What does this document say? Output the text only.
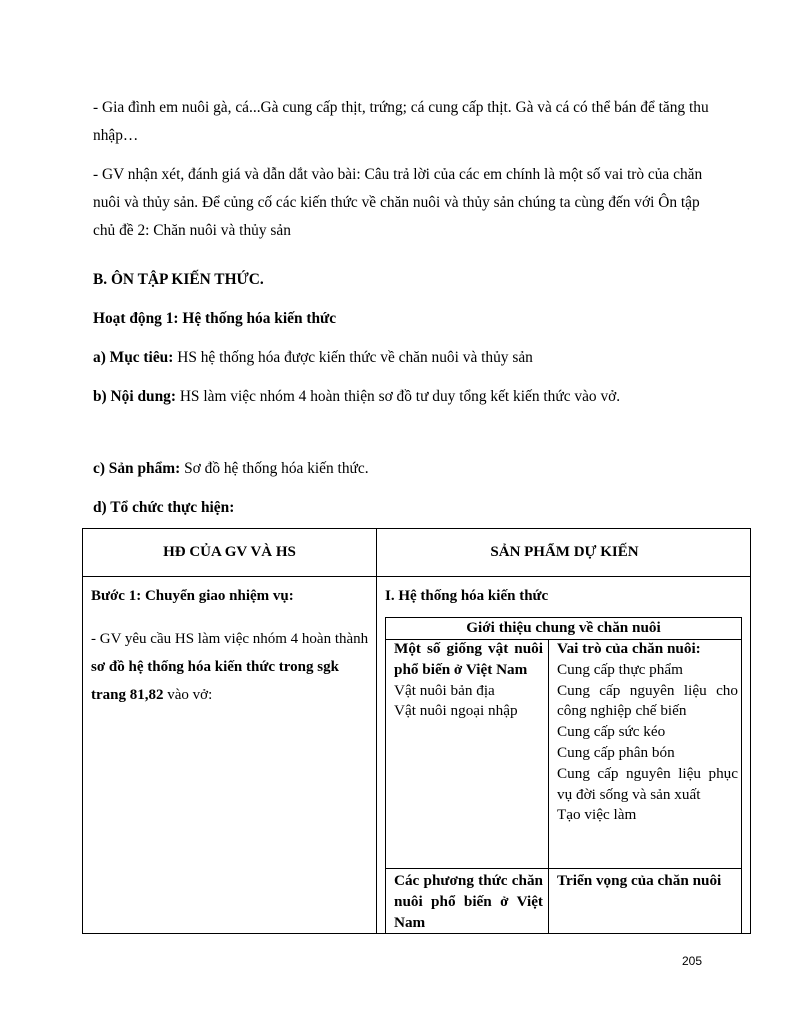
- Gia đình em nuôi gà, cá...Gà cung cấp thịt, trứng; cá cung cấp thịt. Gà và cá có thể bán để tăng thu nhập…

- GV nhận xét, đánh giá và dẫn dắt vào bài: Câu trả lời của các em chính là một số vai trò của chăn nuôi và thủy sản. Để củng cố các kiến thức về chăn nuôi và thủy sản chúng ta cùng đến với Ôn tập chủ đề 2: Chăn nuôi và thủy sản

B. ÔN TẬP KIẾN THỨC.

Hoạt động 1: Hệ thống hóa kiến thức

a) Mục tiêu: HS hệ thống hóa được kiến thức về chăn nuôi và thủy sản

b) Nội dung: HS làm việc nhóm 4 hoàn thiện sơ đồ tư duy tổng kết kiến thức vào vở.

c) Sản phẩm: Sơ đồ hệ thống hóa kiến thức.

d) Tổ chức thực hiện:

HĐ CỦA GV VÀ HS	SẢN PHẨM DỰ KIẾN
Bước 1: Chuyển giao nhiệm vụ:
- GV yêu cầu HS làm việc nhóm 4 hoàn thành sơ đồ hệ thống hóa kiến thức trong sgk trang 81,82 vào vở:
I. Hệ thống hóa kiến thức
Giới thiệu chung về chăn nuôi
Một số giống vật nuôi phổ biến ở Việt Nam
Vật nuôi bản địa
Vật nuôi ngoại nhập
Vai trò của chăn nuôi:
Cung cấp thực phẩm
Cung cấp nguyên liệu cho công nghiệp chế biến
Cung cấp sức kéo
Cung cấp phân bón
Cung cấp nguyên liệu phục vụ đời sống và sản xuất
Tạo việc làm
Các phương thức chăn nuôi phổ biến ở Việt Nam
Triển vọng của chăn nuôi
205
